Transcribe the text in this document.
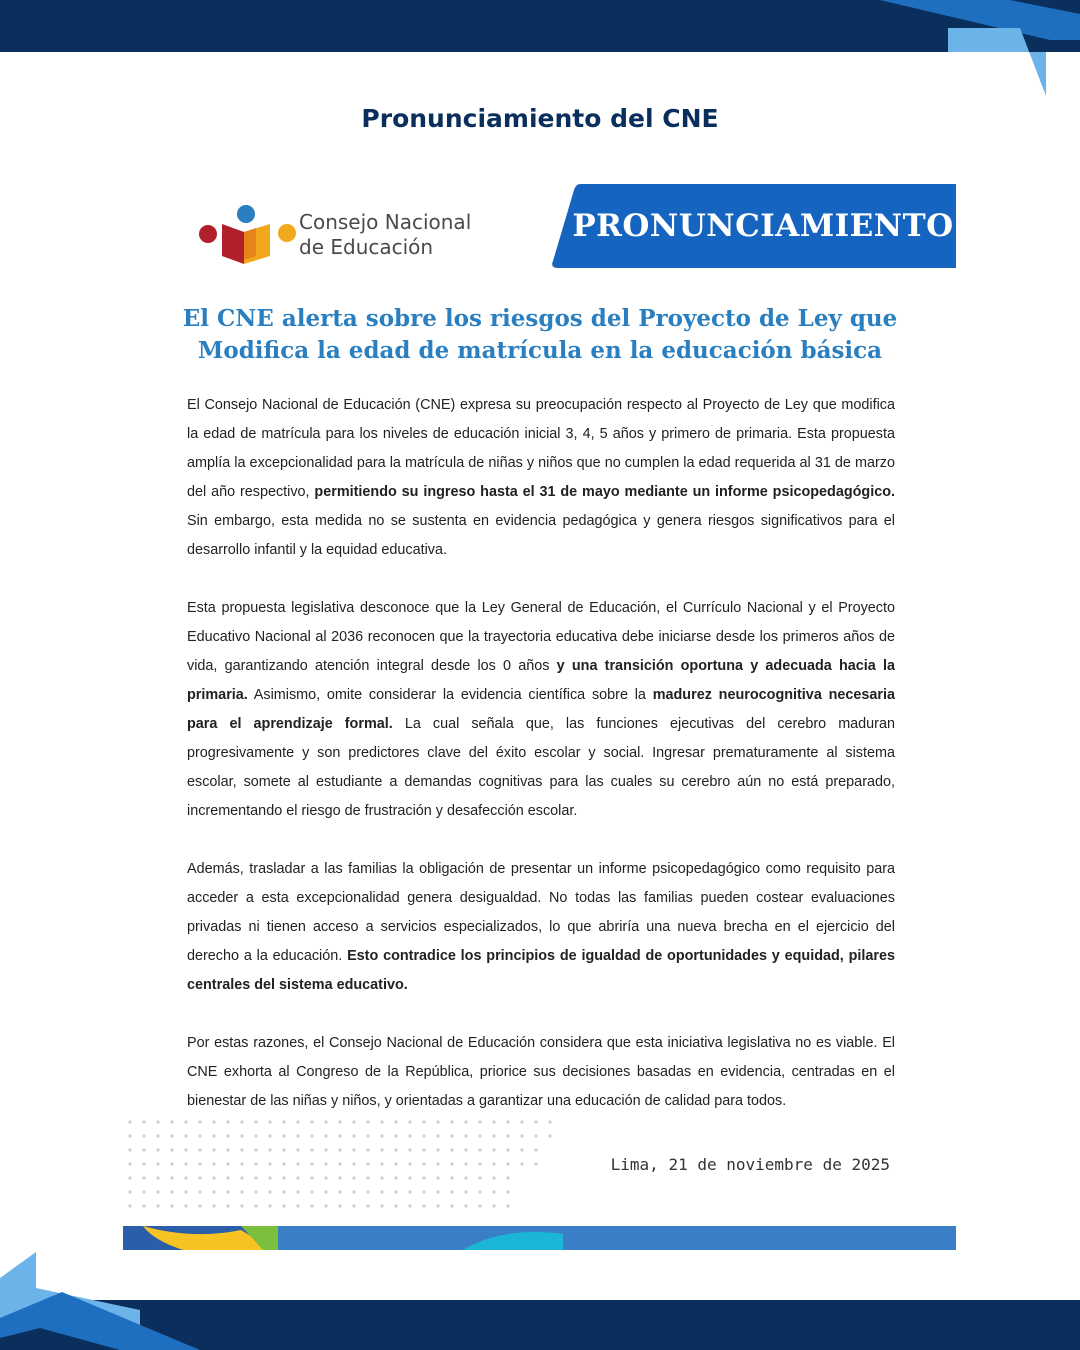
Pronunciamiento del CNE
Consejo Nacional
de Educación
PRONUNCIAMIENTO
El CNE alerta sobre los riesgos del Proyecto de Ley que
Modifica la edad de matrícula en la educación básica

El Consejo Nacional de Educación (CNE) expresa su preocupación respecto al Proyecto de Ley que modifica la edad de matrícula para los niveles de educación inicial 3, 4, 5 años y primero de primaria. Esta propuesta amplía la excepcionalidad para la matrícula de niñas y niños que no cumplen la edad requerida al 31 de marzo del año respectivo, permitiendo su ingreso hasta el 31 de mayo mediante un informe psicopedagógico. Sin embargo, esta medida no se sustenta en evidencia pedagógica y genera riesgos significativos para el desarrollo infantil y la equidad educativa.

Esta propuesta legislativa desconoce que la Ley General de Educación, el Currículo Nacional y el Proyecto Educativo Nacional al 2036 reconocen que la trayectoria educativa debe iniciarse desde los primeros años de vida, garantizando atención integral desde los 0 años y una transición oportuna y adecuada hacia la primaria. Asimismo, omite considerar la evidencia científica sobre la madurez neurocognitiva necesaria para el aprendizaje formal. La cual señala que, las funciones ejecutivas del cerebro maduran progresivamente y son predictores clave del éxito escolar y social. Ingresar prematuramente al sistema escolar, somete al estudiante a demandas cognitivas para las cuales su cerebro aún no está preparado, incrementando el riesgo de frustración y desafección escolar.

Además, trasladar a las familias la obligación de presentar un informe psicopedagógico como requisito para acceder a esta excepcionalidad genera desigualdad. No todas las familias pueden costear evaluaciones privadas ni tienen acceso a servicios especializados, lo que abriría una nueva brecha en el ejercicio del derecho a la educación. Esto contradice los principios de igualdad de oportunidades y equidad, pilares centrales del sistema educativo.

Por estas razones, el Consejo Nacional de Educación considera que esta iniciativa legislativa no es viable. El CNE exhorta al Congreso de la República, priorice sus decisiones basadas en evidencia, centradas en el bienestar de las niñas y niños, y orientadas a garantizar una educación de calidad para todos.

Lima, 21 de noviembre de 2025
